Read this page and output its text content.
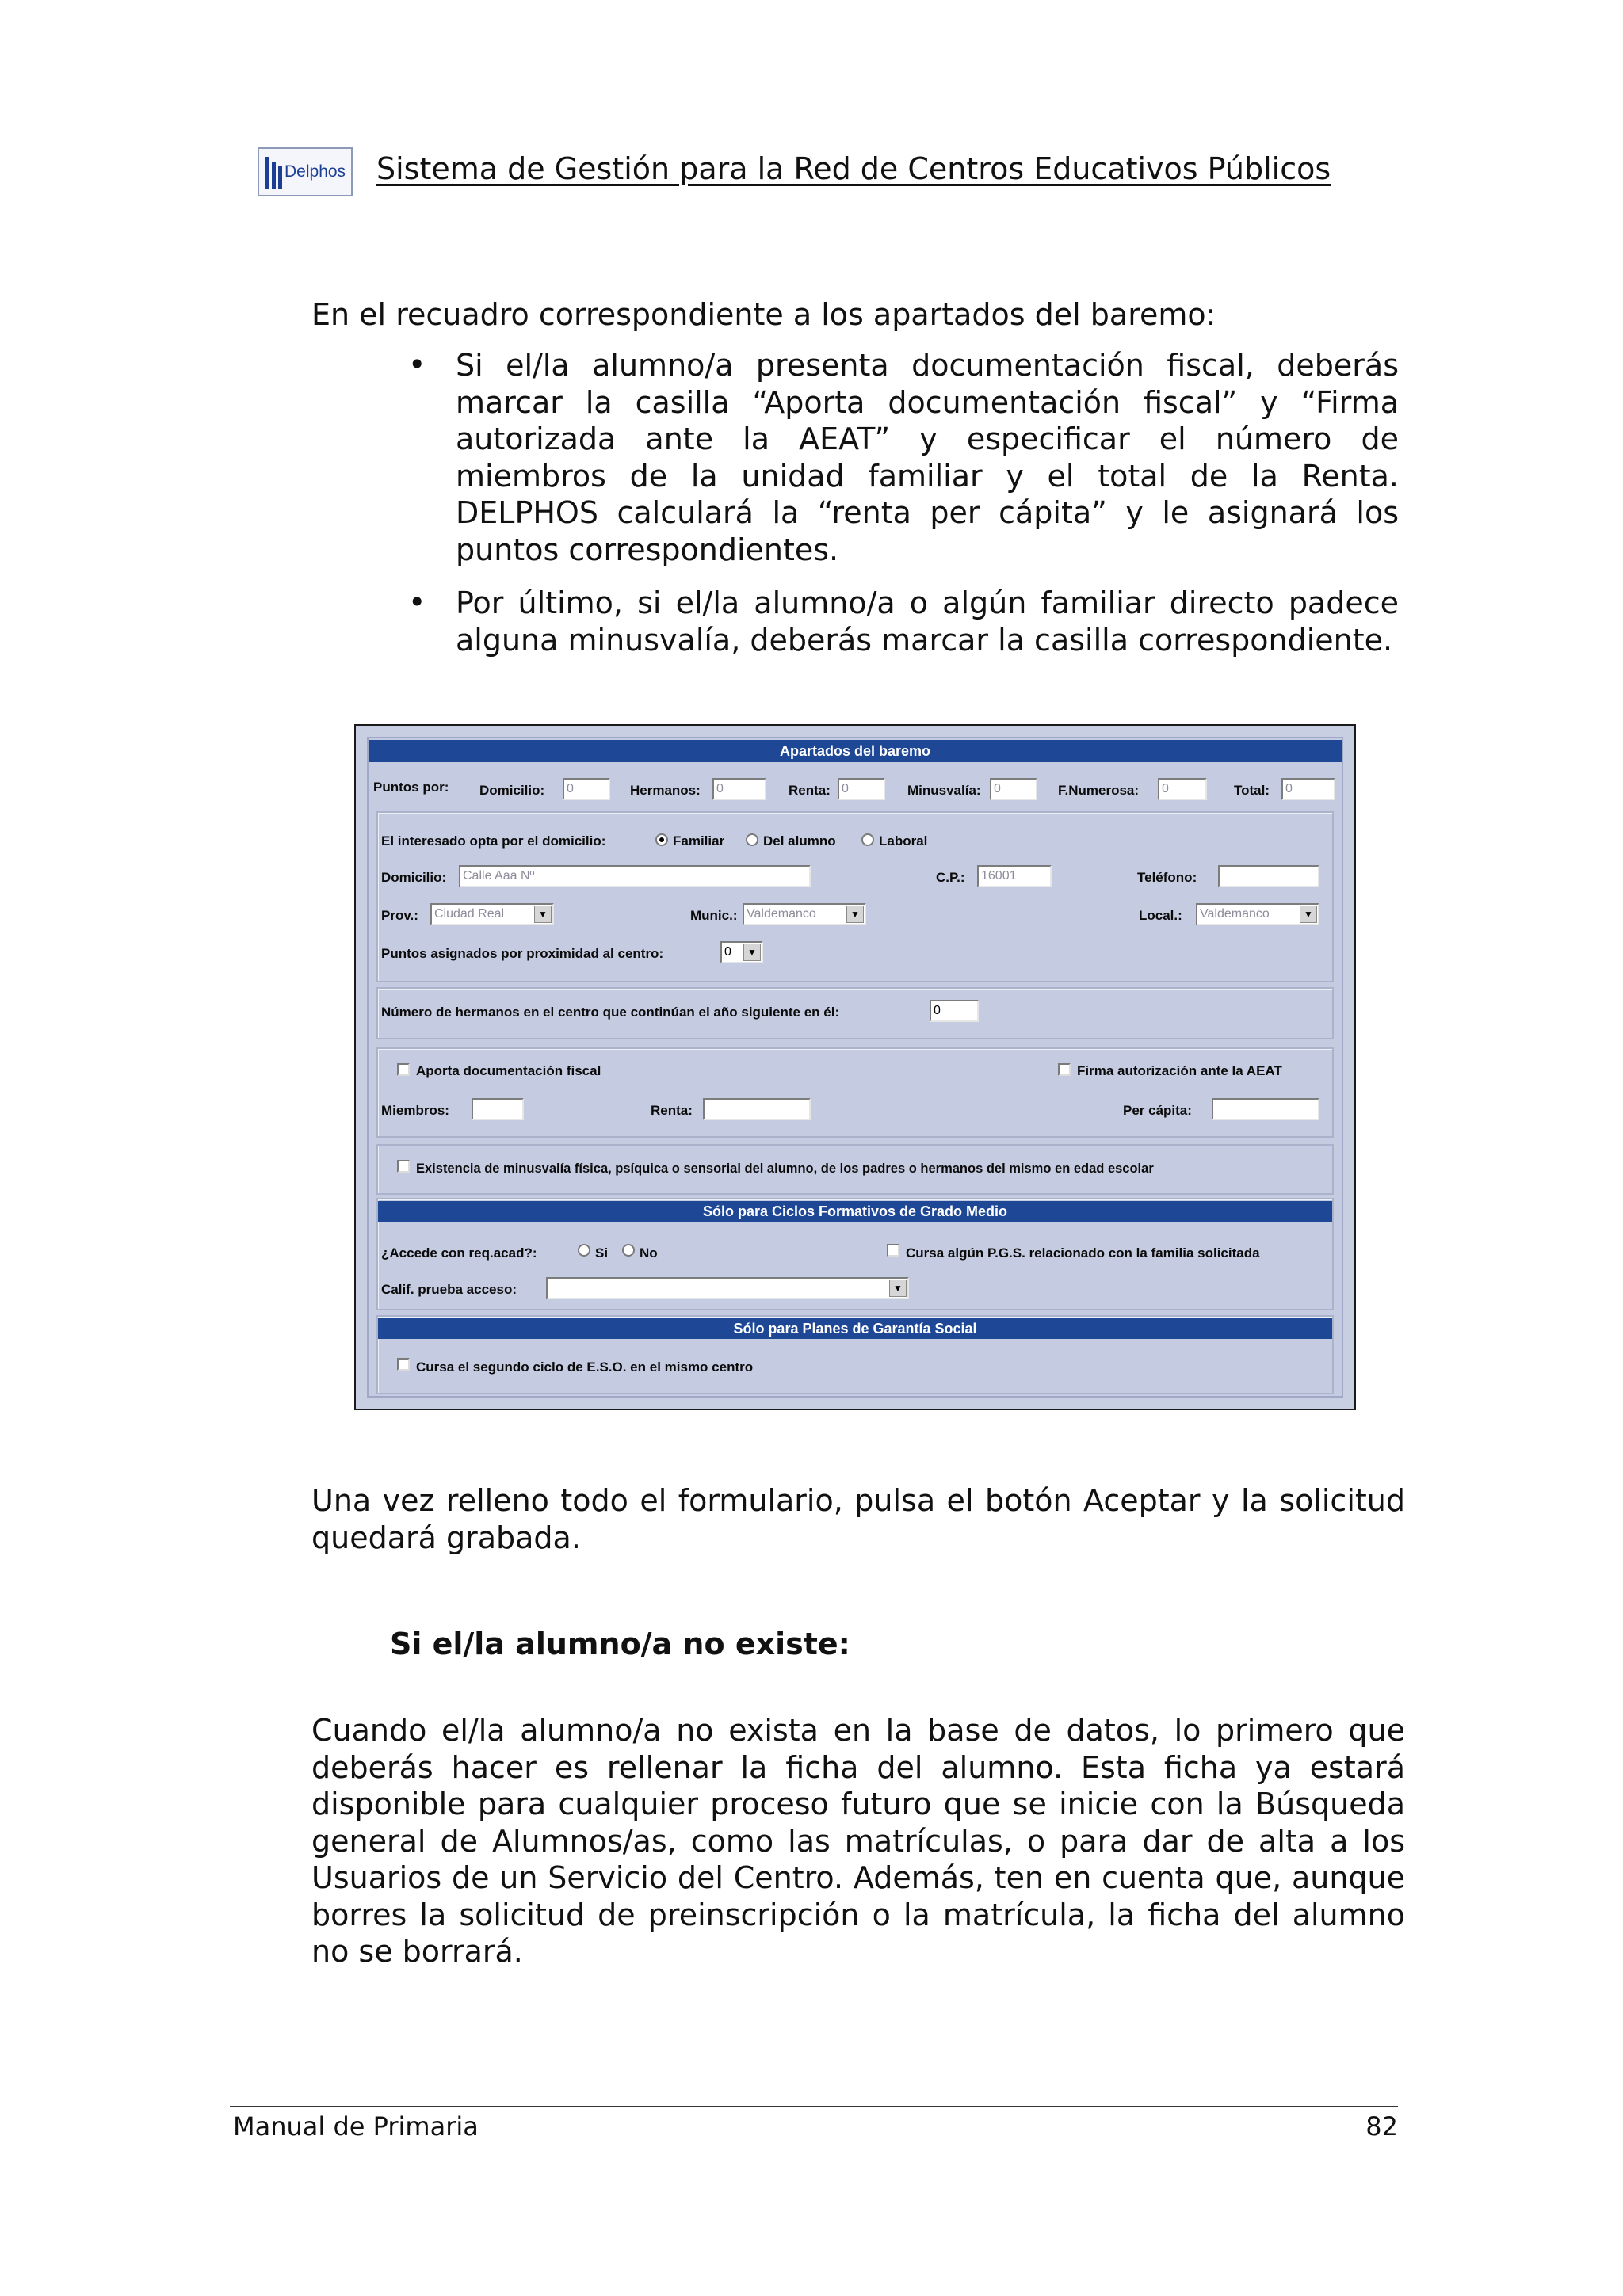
Delphos Sistema de Gestión para la Red de Centros Educativos Públicos
En el recuadro correspondiente a los apartados del baremo:
• Si el/la alumno/a presenta documentación fiscal, deberás marcar la casilla “Aporta documentación fiscal” y “Firma autorizada ante la AEAT” y especificar el número de miembros de la unidad familiar y el total de la Renta. DELPHOS calculará la “renta per cápita” y le asignará los puntos correspondientes.
• Por último, si el/la alumno/a o algún familiar directo padece alguna minusvalía, deberás marcar la casilla correspondiente.
Apartados del baremo
Puntos por: Domicilio:	0	Hermanos:	0	Renta: 0	Minusvalía:	0	F.Numerosa:	0	Total:	0
El interesado opta por el domicilio:	Familiar	Del alumno	Laboral
Domicilio:	Calle Aaa Nº	C.P.:	16001	Teléfono:
Prov.:	Ciudad Real	▼	Munic.: Valdemanco	▼	Local.:	Valdemanco	▼
Puntos asignados por proximidad al centro:	0	▼
Número de hermanos en el centro que continúan el año siguiente en él:	0
Aporta documentación fiscal	Firma autorización ante la AEAT
Miembros:	Renta:	Per cápita:
Existencia de minusvalía física, psíquica o sensorial del alumno, de los padres o hermanos del mismo en edad escolar
Sólo para Ciclos Formativos de Grado Medio
¿Accede con req.acad?:	Si No	Cursa algún P.G.S. relacionado con la familia solicitada
Calif. prueba acceso:	▼
Sólo para Planes de Garantía Social
Cursa el segundo ciclo de E.S.O. en el mismo centro
Una vez relleno todo el formulario, pulsa el botón Aceptar y la solicitud quedará grabada.
Si el/la alumno/a no existe:
Cuando el/la alumno/a no exista en la base de datos, lo primero que deberás hacer es rellenar la ficha del alumno. Esta ficha ya estará disponible para cualquier proceso futuro que se inicie con la Búsqueda general de Alumnos/as, como las matrículas, o para dar de alta a los Usuarios de un Servicio del Centro. Además, ten en cuenta que, aunque borres la solicitud de preinscripción o la matrícula, la ficha del alumno no se borrará.
Manual de Primaria	82
